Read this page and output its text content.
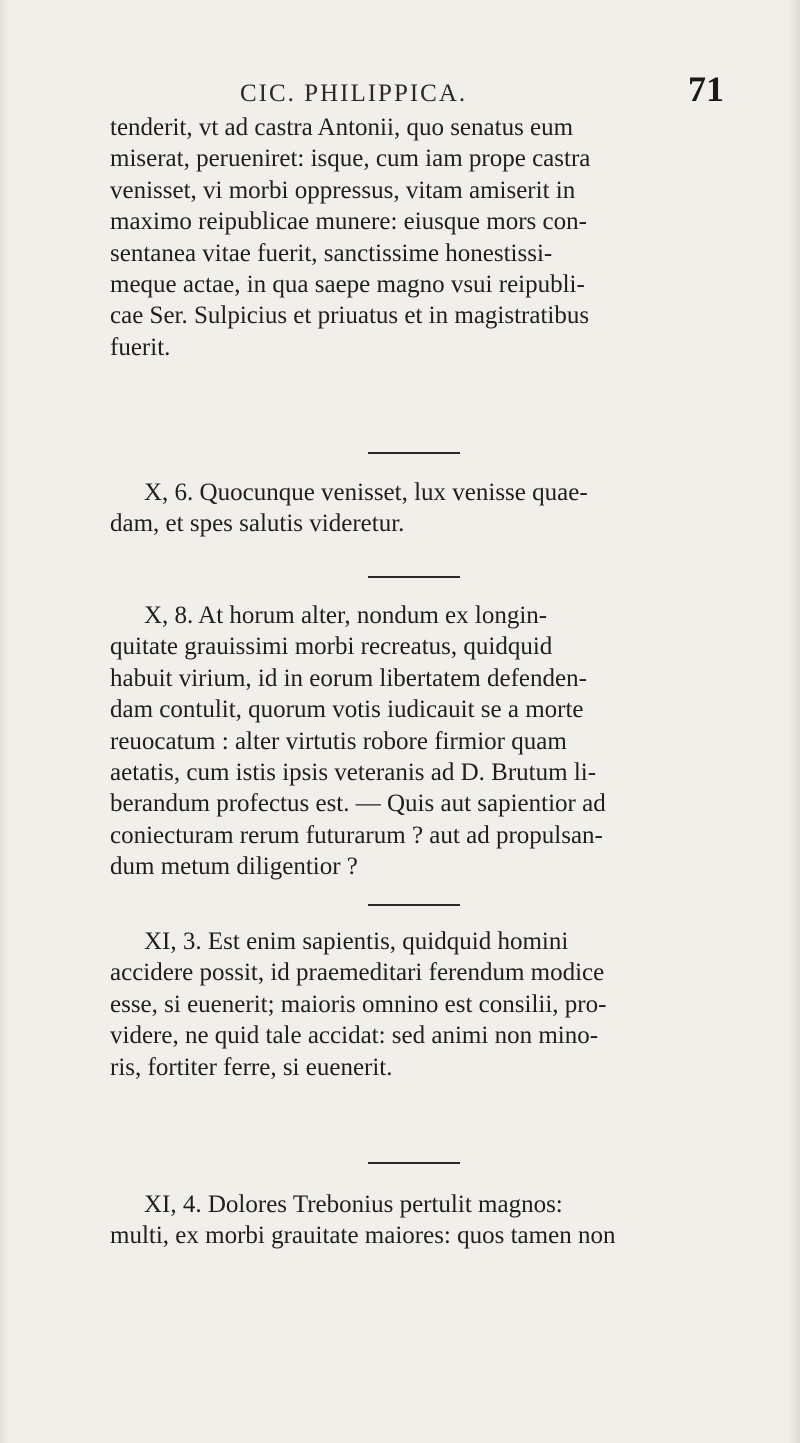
CIC. PHILIPPICA.	71
tenderit, vt ad castra Antonii, quo senatus eum
miserat, perueniret: isque, cum iam prope castra
venisset, vi morbi oppressus, vitam amiserit in
maximo reipublicae munere: eiusque mors con-
sentanea vitae fuerit, sanctissime honestissi-
meque actae, in qua saepe magno vsui reipubli-
cae Ser. Sulpicius et priuatus et in magistratibus
fuerit.
X, 6. Quocunque venisset, lux venisse quae-
dam, et spes salutis videretur.
X, 8. At horum alter, nondum ex longin-
quitate grauissimi morbi recreatus, quidquid
habuit virium, id in eorum libertatem defenden-
dam contulit, quorum votis iudicauit se a morte
reuocatum : alter virtutis robore firmior quam
aetatis, cum istis ipsis veteranis ad D. Brutum li-
berandum profectus est. — Quis aut sapientior ad
coniecturam rerum futurarum ? aut ad propulsan-
dum metum diligentior ?
XI, 3. Est enim sapientis, quidquid homini
accidere possit, id praemeditari ferendum modice
esse, si euenerit; maioris omnino est consilii, pro-
videre, ne quid tale accidat: sed animi non mino-
ris, fortiter ferre, si euenerit.
XI, 4. Dolores Trebonius pertulit magnos:
multi, ex morbi grauitate maiores: quos tamen non
